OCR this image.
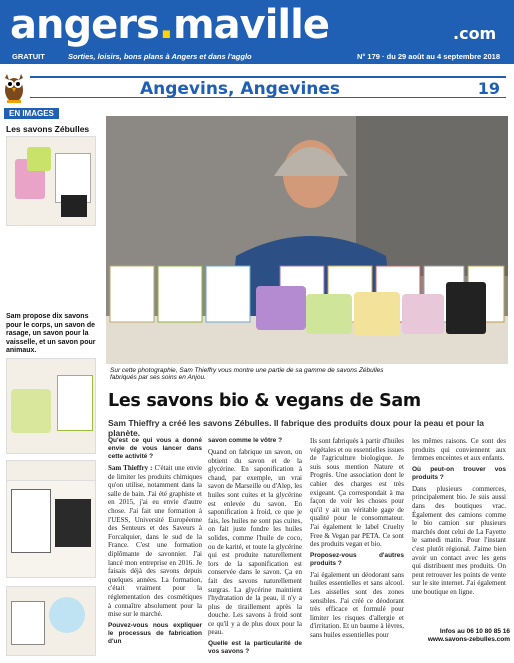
angers.maville	.com
GRATUIT	Sorties, loisirs, bons plans à Angers et dans l'agglo	N° 179 · du 29 août au 4 septembre 2018
Angevins, Angevines	19
EN IMAGES
Les savons Zébulles
Sam propose dix savons pour le corps, un savon de rasage, un savon pour la vaisselle, et un savon pour animaux.
Sur cette photographie, Sam Thieffry vous montre une partie de sa gamme de savons Zébulles fabriqués par ses soins en Anjou.
Les savons bio & vegans de Sam
Sam Thieffry a créé les savons Zébulles. Il fabrique des produits doux pour la peau et pour la planète.

Qu'est ce qui vous a donné envie de vous lancer dans cette activité ?

Sam Thieffry : C'était une envie de limiter les produits chimiques qu'on utilise, notamment dans la salle de bain. J'ai été graphiste et en 2015, j'ai eu envie d'autre chose. J'ai fait une formation à l'UESS, Université Européenne des Senteurs et des Saveurs à Forcalquier, dans le sud de la France. C'est une formation diplômante de savonnier. J'ai lancé mon entreprise en 2016. Je faisais déjà des savons depuis quelques années. La formation, c'était vraiment pour la réglementation des cosmétiques à connaître absolument pour la mise sur le marché.

Pouvez-vous nous expliquer le processus de fabrication d'un

savon comme le vôtre ?

Quand on fabrique un savon, on obtient du savon et de la glycérine. En saponification à chaud, par exemple, un vrai savon de Marseille ou d'Alep, les huiles sont cuites et la glycérine est enlevée du savon. En saponification à froid, ce que je fais, les huiles ne sont pas cuites, on fait juste fondre les huiles solides, comme l'huile de coco, ou de karité, et toute la glycérine qui est produite naturellement lors de la saponification est conservée dans le savon. Ça en fait des savons naturellement surgras. La glycérine maintient l'hydratation de la peau, il n'y a plus de tiraillement après la douche. Les savons à froid sont ce qu'il y a de plus doux pour la peau.

Quelle est la particularité de vos savons ?

Ils sont fabriqués à partir d'huiles végétales et ou essentielles issues de l'agriculture biologique. Je suis sous mention Nature et Progrès. Une association dont le cahier des charges est très exigeant. Ça correspondait à ma façon de voir les choses pour qu'il y ait un véritable gage de qualité pour le consommateur. J'ai également le label Cruelty Free & Vegan par PETA. Ce sont des produits vegan et bio.

Proposez-vous d'autres produits ?

J'ai également un déodorant sans huiles essentielles et sans alcool. Les aisselles sont des zones sensibles. J'ai créé ce déodorant très efficace et formulé pour limiter les risques d'allergie et d'irritation. Et un baume à lèvres, sans huiles essentielles pour

les mêmes raisons. Ce sont des produits qui conviennent aux femmes enceintes et aux enfants.

Où peut-on trouver vos produits ?

Dans plusieurs commerces, principalement bio. Je suis aussi dans des boutiques vrac. Également des camions comme le bio camion sur plusieurs marchés dont celui de La Fayette le samedi matin. Pour l'instant c'est plutôt régional. J'aime bien avoir un contact avec les gens qui distribuent mes produits. On peut retrouver les points de vente sur le site internet. J'ai également une boutique en ligne.

Infos au 06 10 80 85 16
www.savons-zebulles.com
